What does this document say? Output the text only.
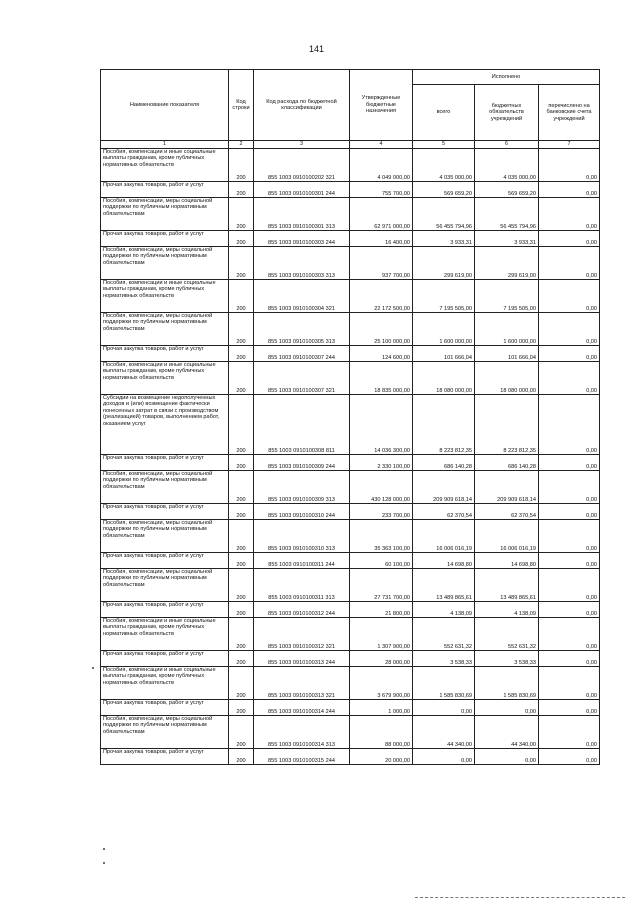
141
Наименование показателя	Код строки	Код расхода по бюджетной классификации	Утвержденные бюджетные назначения	Исполнено		
				всего	бюджетных обязательств учреждений	перечислено на банковские счета учреждений
1	2	3	4	5	6	7
Пособия, компенсации и иные социальные выплаты гражданам, кроме публичных нормативных обязательств	200	855 1003 0910100202 321	4 049 000,00	4 035 000,00	4 035 000,00	0,00
Прочая закупка товаров, работ и услуг	200	855 1003 0910100301 244	755 700,00	569 659,20	569 659,20	0,00
Пособия, компенсации, меры социальной поддержки по публичным нормативным обязательствам	200	855 1003 0910100301 313	62 971 000,00	56 455 794,96	56 455 794,96	0,00
Прочая закупка товаров, работ и услуг	200	855 1003 0910100303 244	16 400,00	3 933,31	3 933,31	0,00
Пособия, компенсации, меры социальной поддержки по публичным нормативным обязательствам	200	855 1003 0910100303 313	937 700,00	299 619,00	299 619,00	0,00
Пособия, компенсации и иные социальные выплаты гражданам, кроме публичных нормативных обязательств	200	855 1003 0910100304 321	22 172 500,00	7 195 505,00	7 195 505,00	0,00
Пособия, компенсации, меры социальной поддержки по публичным нормативным обязательствам	200	855 1003 0910100305 313	25 100 000,00	1 600 000,00	1 600 000,00	0,00
Прочая закупка товаров, работ и услуг	200	855 1003 0910100307 244	124 600,00	101 666,04	101 666,04	0,00
Пособия, компенсации и иные социальные выплаты гражданам, кроме публичных нормативных обязательств	200	855 1003 0910100307 321	18 835 000,00	18 080 000,00	18 080 000,00	0,00
Субсидии на возмещение недополученных доходов и (или) возмещение фактически понесенных затрат в связи с производством (реализацией) товаров, выполнением работ, оказанием услуг	200	855 1003 0910100308 811	14 036 300,00	8 223 812,35	8 223 812,35	0,00
Прочая закупка товаров, работ и услуг	200	855 1003 0910100309 244	2 330 100,00	686 140,28	686 140,28	0,00
Пособия, компенсации, меры социальной поддержки по публичным нормативным обязательствам	200	855 1003 0910100309 313	430 128 000,00	209 909 618,14	209 909 618,14	0,00
Прочая закупка товаров, работ и услуг	200	855 1003 0910100310 244	233 700,00	62 370,54	62 370,54	0,00
Пособия, компенсации, меры социальной поддержки по публичным нормативным обязательствам	200	855 1003 0910100310 313	35 363 100,00	16 006 016,19	16 006 016,19	0,00
Прочая закупка товаров, работ и услуг	200	855 1003 0910100311 244	60 100,00	14 698,80	14 698,80	0,00
Пособия, компенсации, меры социальной поддержки по публичным нормативным обязательствам	200	855 1003 0910100311 313	27 731 700,00	13 489 865,61	13 489 865,61	0,00
Прочая закупка товаров, работ и услуг	200	855 1003 0910100312 244	21 800,00	4 138,09	4 138,09	0,00
Пособия, компенсации и иные социальные выплаты гражданам, кроме публичных нормативных обязательств	200	855 1003 0910100312 321	1 307 900,00	552 631,32	552 631,32	0,00
Прочая закупка товаров, работ и услуг	200	855 1003 0910100313 244	28 000,00	3 538,33	3 538,33	0,00
Пособия, компенсации и иные социальные выплаты гражданам, кроме публичных нормативных обязательств	200	855 1003 0910100313 321	3 679 900,00	1 585 830,69	1 585 830,69	0,00
Прочая закупка товаров, работ и услуг	200	855 1003 0910100314 244	1 000,00	0,00	0,00	0,00
Пособия, компенсации, меры социальной поддержки по публичным нормативным обязательствам	200	855 1003 0910100314 313	88 000,00	44 340,00	44 340,00	0,00
Прочая закупка товаров, работ и услуг	200	855 1003 0910100315 244	20 000,00	0,00	0,00	0,00
